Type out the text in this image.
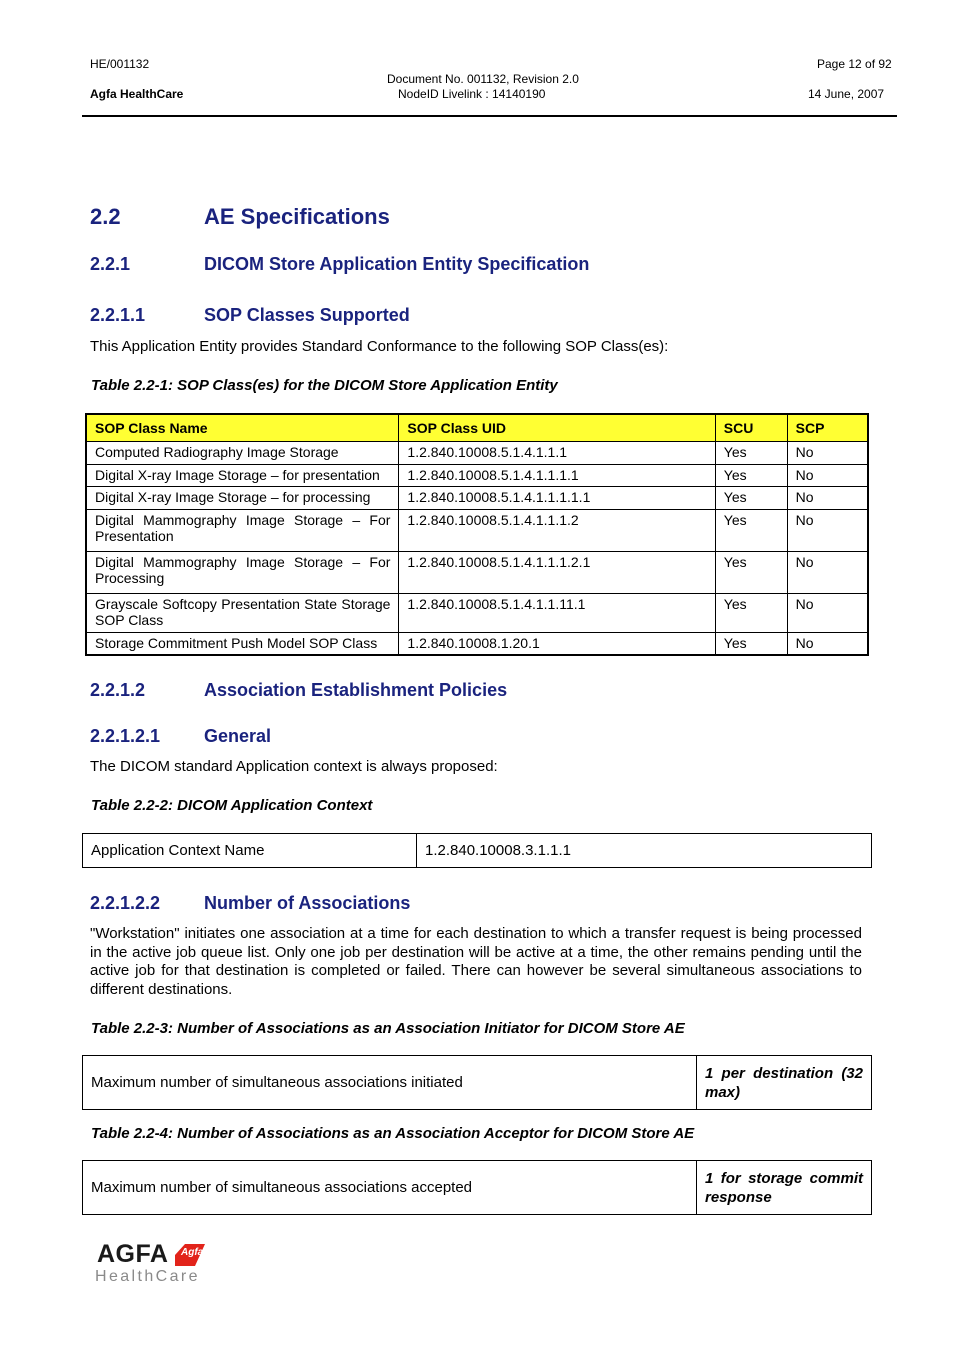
HE/001132
Agfa HealthCare
Document No. 001132, Revision 2.0
NodeID Livelink : 14140190
Page 12 of 92
14 June, 2007
2.2	AE Specifications
2.2.1	DICOM Store Application Entity Specification
2.2.1.1	SOP Classes Supported
This Application Entity provides Standard Conformance to the following SOP Class(es):
Table 2.2-1: SOP Class(es) for the DICOM Store Application Entity
SOP Class Name	SOP Class UID	SCU	SCP
Computed Radiography Image Storage	1.2.840.10008.5.1.4.1.1.1	Yes	No
Digital X-ray Image Storage – for presentation	1.2.840.10008.5.1.4.1.1.1.1	Yes	No
Digital X-ray Image Storage – for processing	1.2.840.10008.5.1.4.1.1.1.1.1	Yes	No
Digital Mammography Image Storage – For Presentation	1.2.840.10008.5.1.4.1.1.1.2	Yes	No
Digital Mammography Image Storage – For Processing	1.2.840.10008.5.1.4.1.1.1.2.1	Yes	No
Grayscale Softcopy Presentation State Storage SOP Class	1.2.840.10008.5.1.4.1.1.11.1	Yes	No
Storage Commitment Push Model SOP Class	1.2.840.10008.1.20.1	Yes	No
2.2.1.2	Association Establishment Policies
2.2.1.2.1 General
The DICOM standard Application context is always proposed:
Table 2.2-2: DICOM Application Context
Application Context Name	1.2.840.10008.3.1.1.1
2.2.1.2.2 Number of Associations
"Workstation" initiates one association at a time for each destination to which a transfer request is being processed in the active job queue list. Only one job per destination will be active at a time, the other remains pending until the active job for that destination is completed or failed. There can however be several simultaneous associations to different destinations.
Table 2.2-3: Number of Associations as an Association Initiator for DICOM Store AE
Maximum number of simultaneous associations initiated	1 per destination (32 max)
Table 2.2-4: Number of Associations as an Association Acceptor for DICOM Store AE
Maximum number of simultaneous associations accepted	1 for storage commit response
AGFA Agfa
HealthCare
